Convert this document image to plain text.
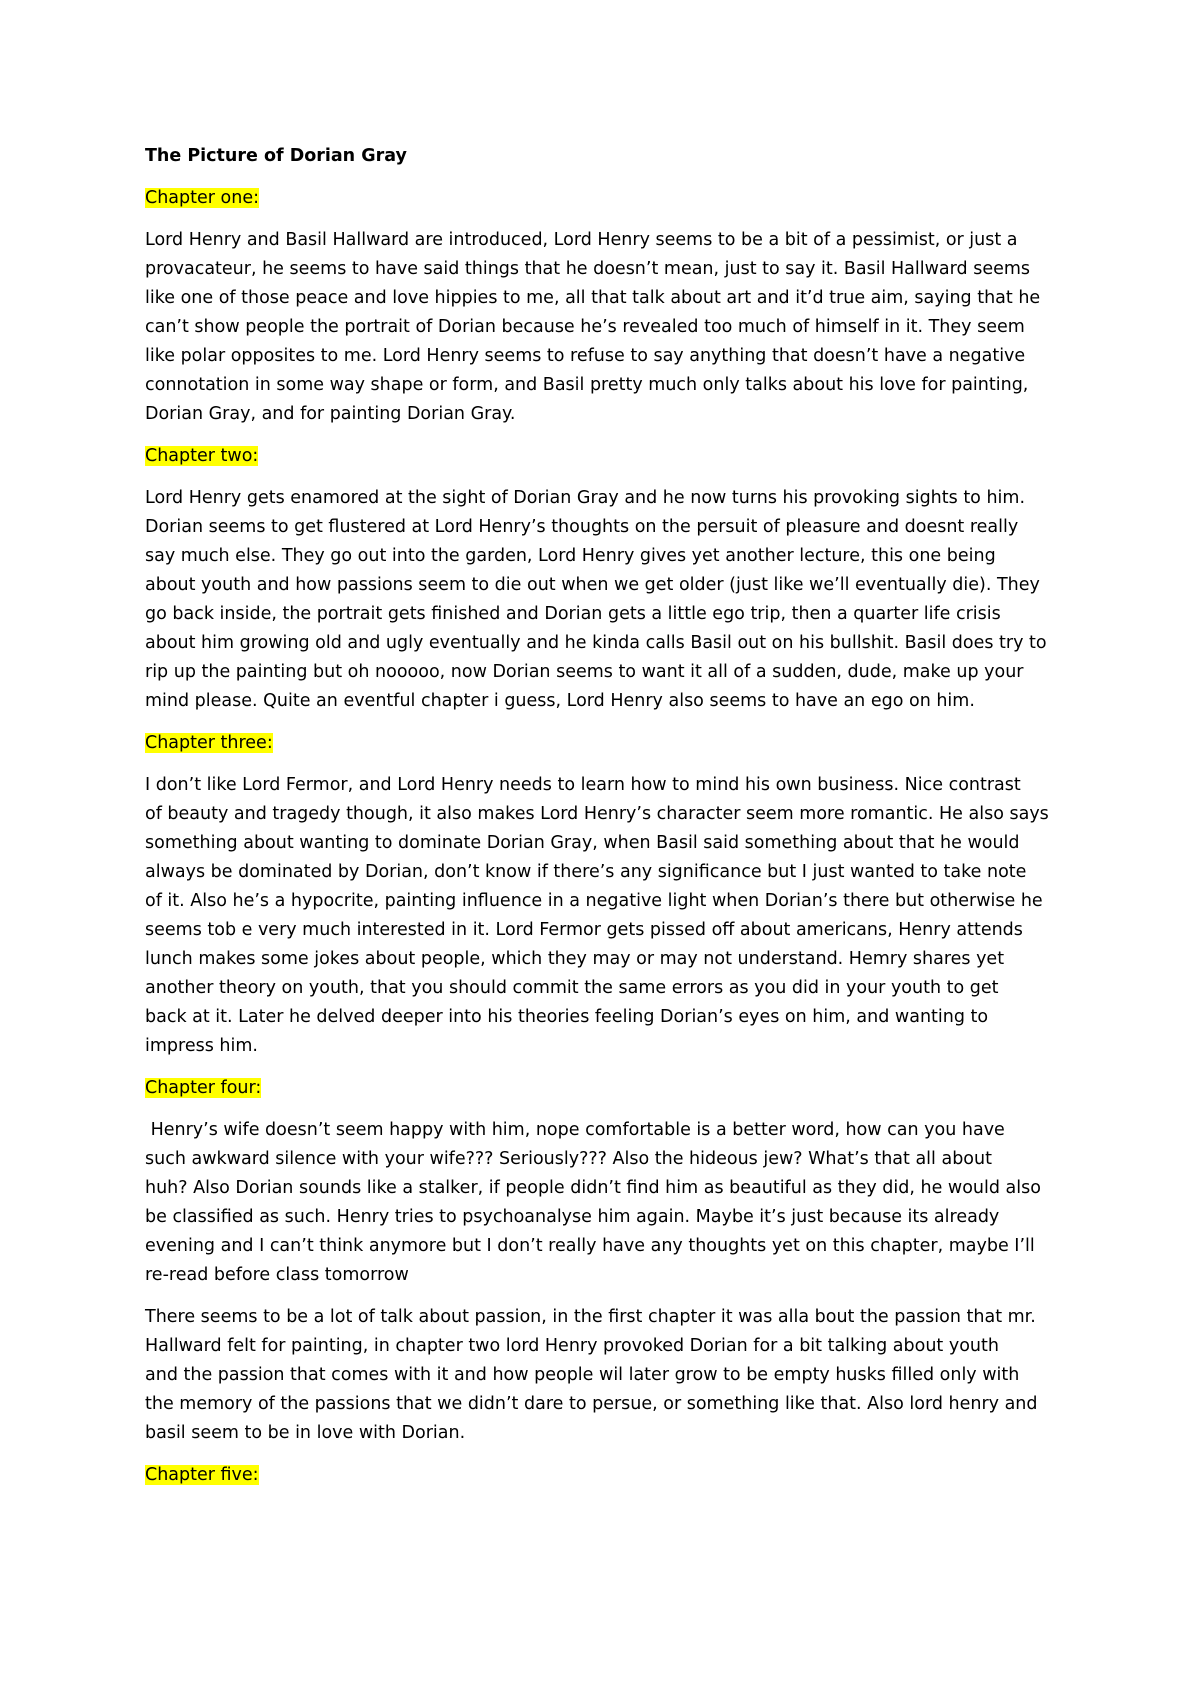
The Picture of Dorian Gray
Chapter one:
Lord Henry and Basil Hallward are introduced, Lord Henry seems to be a bit of a pessimist, or just a
provacateur, he seems to have said things that he doesn’t mean, just to say it. Basil Hallward seems
like one of those peace and love hippies to me, all that talk about art and it’d true aim, saying that he
can’t show people the portrait of Dorian because he’s revealed too much of himself in it. They seem
like polar opposites to me. Lord Henry seems to refuse to say anything that doesn’t have a negative
connotation in some way shape or form, and Basil pretty much only talks about his love for painting,
Dorian Gray, and for painting Dorian Gray.
Chapter two:
Lord Henry gets enamored at the sight of Dorian Gray and he now turns his provoking sights to him.
Dorian seems to get flustered at Lord Henry’s thoughts on the persuit of pleasure and doesnt really
say much else. They go out into the garden, Lord Henry gives yet another lecture, this one being
about youth and how passions seem to die out when we get older (just like we’ll eventually die). They
go back inside, the portrait gets finished and Dorian gets a little ego trip, then a quarter life crisis
about him growing old and ugly eventually and he kinda calls Basil out on his bullshit. Basil does try to
rip up the painting but oh nooooo, now Dorian seems to want it all of a sudden, dude, make up your
mind please. Quite an eventful chapter i guess, Lord Henry also seems to have an ego on him.
Chapter three:
I don’t like Lord Fermor, and Lord Henry needs to learn how to mind his own business. Nice contrast
of beauty and tragedy though, it also makes Lord Henry’s character seem more romantic. He also says
something about wanting to dominate Dorian Gray, when Basil said something about that he would
always be dominated by Dorian, don’t know if there’s any significance but I just wanted to take note
of it. Also he’s a hypocrite, painting influence in a negative light when Dorian’s there but otherwise he
seems tob e very much interested in it. Lord Fermor gets pissed off about americans, Henry attends
lunch makes some jokes about people, which they may or may not understand. Hemry shares yet
another theory on youth, that you should commit the same errors as you did in your youth to get
back at it. Later he delved deeper into his theories feeling Dorian’s eyes on him, and wanting to
impress him.
Chapter four:
Henry’s wife doesn’t seem happy with him, nope comfortable is a better word, how can you have
such awkward silence with your wife??? Seriously??? Also the hideous jew? What’s that all about
huh? Also Dorian sounds like a stalker, if people didn’t find him as beautiful as they did, he would also
be classified as such. Henry tries to psychoanalyse him again. Maybe it’s just because its already
evening and I can’t think anymore but I don’t really have any thoughts yet on this chapter, maybe I’ll
re-read before class tomorrow
There seems to be a lot of talk about passion, in the first chapter it was alla bout the passion that mr.
Hallward felt for painting, in chapter two lord Henry provoked Dorian for a bit talking about youth
and the passion that comes with it and how people wil later grow to be empty husks filled only with
the memory of the passions that we didn’t dare to persue, or something like that. Also lord henry and
basil seem to be in love with Dorian.
Chapter five:
